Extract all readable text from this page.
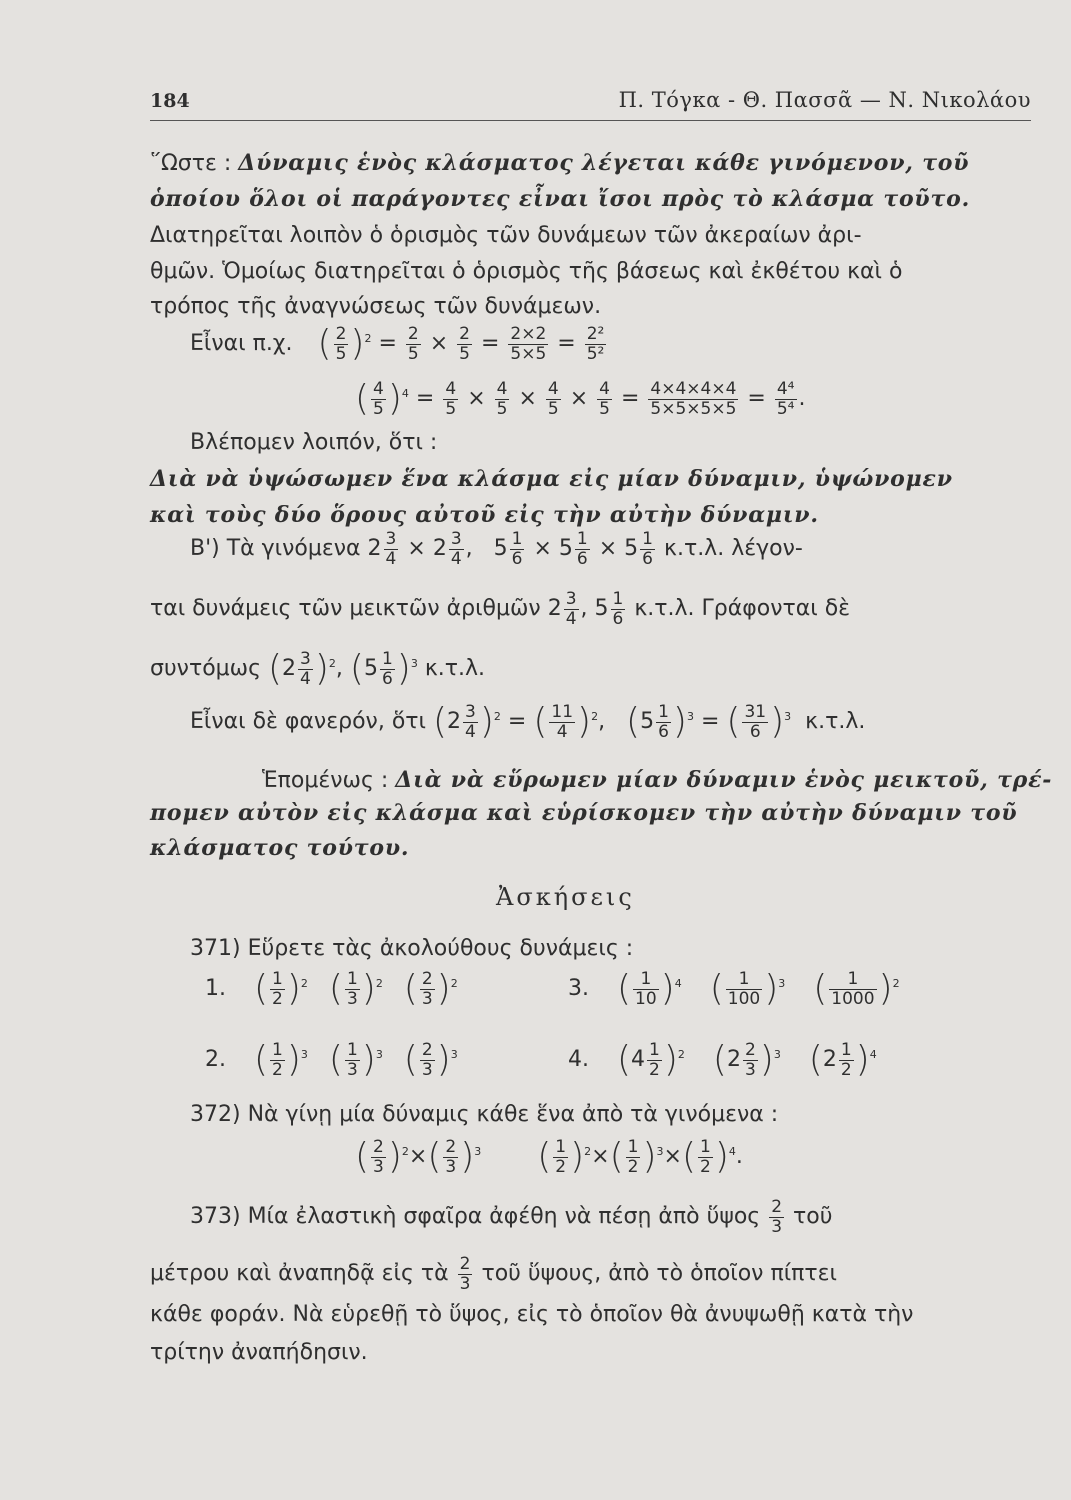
184	Π. Τόγκα - Θ. Πασσᾶ — Ν. Νικολάου
῞Ωστε : Δύναμις ἑνὸς κλάσματος λέγεται κάθε γινόμενον, τοῦ
ὁποίου ὅλοι οἱ παράγοντες εἶναι ἴσοι πρὸς τὸ κλάσμα τοῦτο.
Διατηρεῖται λοιπὸν ὁ ὁρισμὸς τῶν δυνάμεων τῶν ἀκεραίων ἀρι-
θμῶν. Ὁμοίως διατηρεῖται ὁ ὁρισμὸς τῆς βάσεως καὶ ἐκθέτου καὶ ὁ
τρόπος τῆς ἀναγνώσεως τῶν δυνάμεων.
Εἶναι π.χ. ( $\frac{2}{5} )^2 = \frac{2}{5} \times \frac{2}{5} = \frac{2\times 2}{5\times 5} = \frac{\text{2²}}{\text{5²}}$
( $\frac{4}{5} )^4 = \frac{4}{5} \times \frac{4}{5} \times \frac{4}{5} \times \frac{4}{5} = \frac{4\times 4\times 4\times 4}{5\times 5\times 5\times 5} = \frac{\text{4⁴}}{\text{5⁴}}$ .
Βλέπομεν λοιπόν, ὅτι :
Διὰ νὰ ὑψώσωμεν ἕνα κλάσμα εἰς μίαν δύναμιν, ὑψώνομεν
καὶ τοὺς δύο ὅρους αὐτοῦ εἰς τὴν αὐτὴν δύναμιν.
Β') Τὰ γινόμενα $2 \frac{3}{4} \times 2 \frac{3}{4}$ , $5 \frac{1}{6} \times 5 \frac{1}{6} \times 5 \frac{1}{6} \kappa.\tau.\lambda$. λέγον-
ται δυνάμεις τῶν μεικτῶν ἀριθμῶν $2 \frac{3}{4}$ , $5 \frac{1}{6} \kappa.\tau.\lambda$. Γράφονται δὲ
συντόμως $(2 \frac{3}{4} )^2$, $(5 \frac{1}{6} )^3$ κ.τ.λ.
Εἶναι δὲ φανερόν, ὅτι $(2 \frac{3}{4} )^2$ = ( $\frac{11}{4} )^2$, $(5 \frac{1}{6} )^3$ = ( $\frac{31}{6} )^3$ κ.τ.λ.
Ἑπομένως : Διὰ νὰ εὕρωμεν μίαν δύναμιν ἑνὸς μεικτοῦ, τρέ-
πομεν αὐτὸν εἰς κλάσμα καὶ εὑρίσκομεν τὴν αὐτὴν δύναμιν τοῦ
κλάσματος τούτου.
Ἀσκήσεις
371) Εὕρετε τὰς ἀκολούθους δυνάμεις :
1. ( $\frac{1}{2} )^2$ ( $\frac{1}{3} )^2$ ( $\frac{2}{3} )^2$	3. ( $\frac{1}{10} )^4$ ( $\frac{1}{100} )^3$ ( $\frac{1}{1000} )^2$
2. ( $\frac{1}{2} )^3$ ( $\frac{1}{3} )^3$ ( $\frac{2}{3} )^3$	4. $(4 \frac{1}{2} )^2$ $(2 \frac{2}{3} )^3$ $(2 \frac{1}{2} )^4$
372) Νὰ γίνῃ μία δύναμις κάθε ἕνα ἀπὸ τὰ γινόμενα :
( $\frac{2}{3} )^2\times( \frac{2}{3} )^3$ ( $\frac{1}{2} )^2\times( \frac{1}{2} )^3\times( \frac{1}{2} )^4$.
373) Μία ἐλαστικὴ σφαῖρα ἀφέθη νὰ πέσῃ ἀπὸ ὕψος $\frac{2}{3}$ τοῦ
μέτρου καὶ ἀναπηδᾷ εἰς τὰ $\frac{2}{3}$ τοῦ ὕψους, ἀπὸ τὸ ὁποῖον πίπτει
κάθε φοράν. Νὰ εὑρεθῇ τὸ ὕψος, εἰς τὸ ὁποῖον θὰ ἀνυψωθῇ κατὰ τὴν
τρίτην ἀναπήδησιν.
